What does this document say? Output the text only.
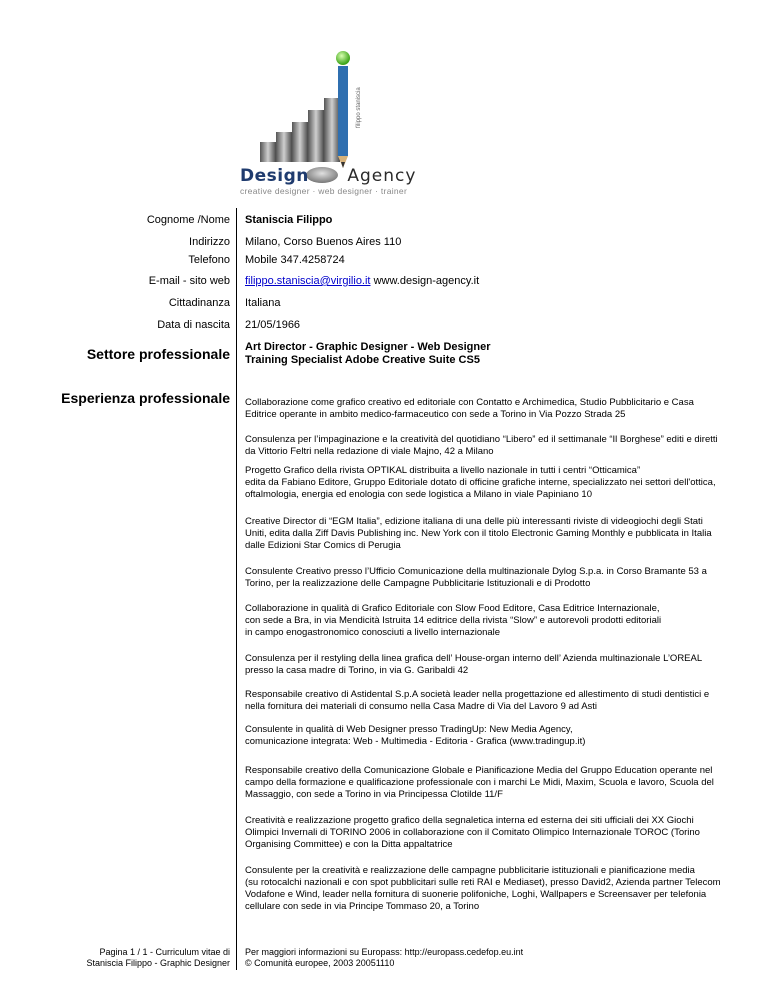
filippo staniscia
Design Agency
creative designer · web designer · trainer
Cognome /Nome Staniscia Filippo
Indirizzo Milano, Corso Buenos Aires 110
Telefono Mobile 347.4258724
E-mail - sito web filippo.staniscia@virgilio.it www.design-agency.it
Cittadinanza Italiana
Data di nascita 21/05/1966
Settore professionale Art Director - Graphic Designer - Web Designer
Training Specialist Adobe Creative Suite CS5
Esperienza professionale Collaborazione come grafico creativo ed editoriale con Contatto e Archimedica, Studio Pubblicitario e Casa
Editrice operante in ambito medico-farmaceutico con sede a Torino in Via Pozzo Strada 25
Consulenza per l’impaginazione e la creatività del quotidiano “Libero” ed il settimanale “Il Borghese” editi e diretti
da Vittorio Feltri nella redazione di viale Majno, 42 a Milano
Progetto Grafico della rivista OPTIKAL distribuita a livello nazionale in tutti i centri “Otticamica”
edita da Fabiano Editore, Gruppo Editoriale dotato di officine grafiche interne, specializzato nei settori dell'ottica,
oftalmologia, energia ed enologia con sede logistica a Milano in viale Papiniano 10
Creative Director di “EGM Italia”, edizione italiana di una delle più interessanti riviste di videogiochi degli Stati
Uniti, edita dalla Ziff Davis Publishing inc. New York con il titolo Electronic Gaming Monthly e pubblicata in Italia
dalle Edizioni Star Comics di Perugia
Consulente Creativo presso l’Ufficio Comunicazione della multinazionale Dylog S.p.a. in Corso Bramante 53 a
Torino, per la realizzazione delle Campagne Pubblicitarie Istituzionali e di Prodotto
Collaborazione in qualità di Grafico Editoriale con Slow Food Editore, Casa Editrice Internazionale,
con sede a Bra, in via Mendicità Istruita 14 editrice della rivista “Slow” e autorevoli prodotti editoriali
in campo enogastronomico conosciuti a livello internazionale
Consulenza per il restyling della linea grafica dell’ House-organ interno dell’ Azienda multinazionale L’OREAL
presso la casa madre di Torino, in via G. Garibaldi 42
Responsabile creativo di Astidental S.p.A società leader nella progettazione ed allestimento di studi dentistici e
nella fornitura dei materiali di consumo nella Casa Madre di Via del Lavoro 9 ad Asti
Consulente in qualità di Web Designer presso TradingUp: New Media Agency,
comunicazione integrata: Web - Multimedia - Editoria - Grafica (www.tradingup.it)
Responsabile creativo della Comunicazione Globale e Pianificazione Media del Gruppo Education operante nel
campo della formazione e qualificazione professionale con i marchi Le Midi, Maxim, Scuola e lavoro, Scuola del
Massaggio, con sede a Torino in via Principessa Clotilde 11/F
Creatività e realizzazione progetto grafico della segnaletica interna ed esterna dei siti ufficiali dei XX Giochi
Olimpici Invernali di TORINO 2006 in collaborazione con il Comitato Olimpico Internazionale TOROC (Torino
Organising Committee) e con la Ditta appaltatrice
Consulente per la creatività e realizzazione delle campagne pubblicitarie istituzionali e pianificazione media
(su rotocalchi nazionali e con spot pubblicitari sulle reti RAI e Mediaset), presso David2, Azienda partner Telecom
Vodafone e Wind, leader nella fornitura di suonerie polifoniche, Loghi, Wallpapers e Screensaver per telefonia
cellulare con sede in via Principe Tommaso 20, a Torino
Pagina 1 / 1 - Curriculum vitae di
Staniscia Filippo - Graphic Designer
Per maggiori informazioni su Europass: http://europass.cedefop.eu.int
© Comunità europee, 2003 20051110
